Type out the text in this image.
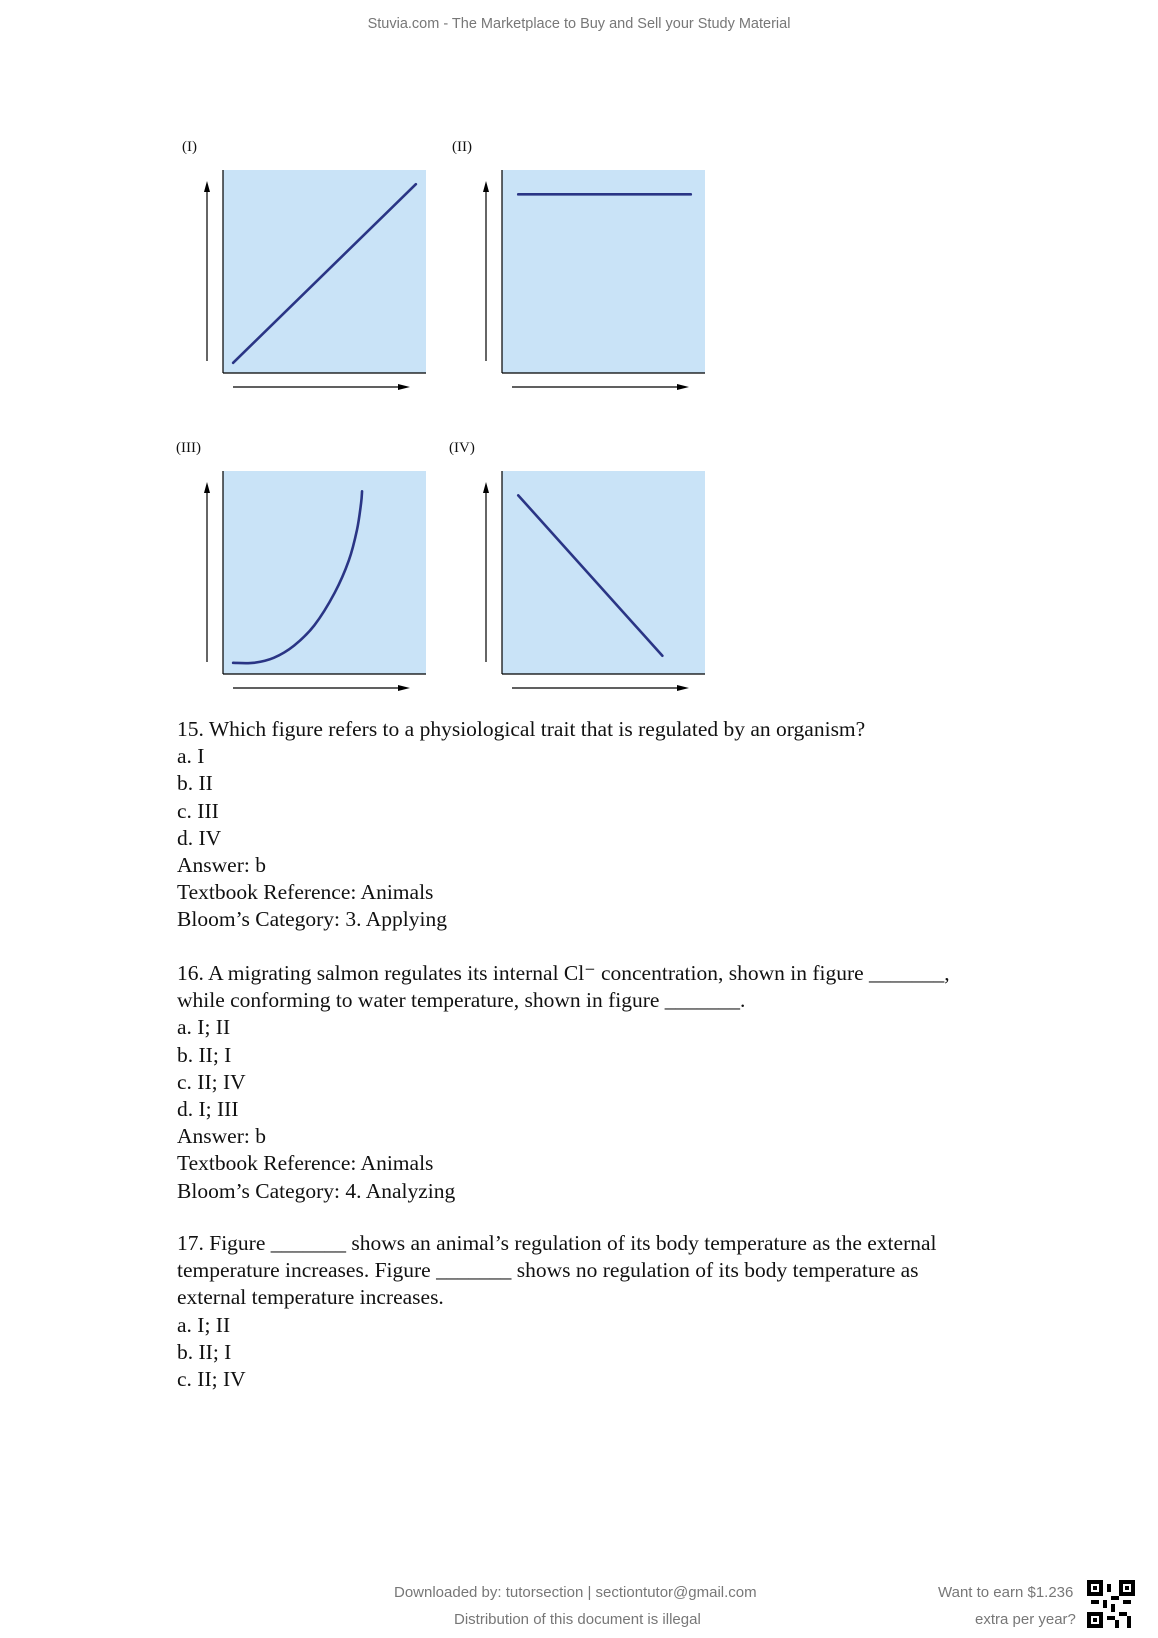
Stuvia.com - The Marketplace to Buy and Sell your Study Material
(I)	(II)
(III)	(IV)
15. Which figure refers to a physiological trait that is regulated by an organism?
a. I
b. II
c. III
d. IV
Answer: b
Textbook Reference: Animals
Bloom’s Category: 3. Applying
16. A migrating salmon regulates its internal Cl⁻ concentration, shown in figure _______,
while conforming to water temperature, shown in figure _______.
a. I; II
b. II; I
c. II; IV
d. I; III
Answer: b
Textbook Reference: Animals
Bloom’s Category: 4. Analyzing
17. Figure _______ shows an animal’s regulation of its body temperature as the external
temperature increases. Figure _______ shows no regulation of its body temperature as
external temperature increases.
a. I; II
b. II; I
c. II; IV
Downloaded by: tutorsection | sectiontutor@gmail.com
Distribution of this document is illegal
Want to earn $1.236
extra per year?
